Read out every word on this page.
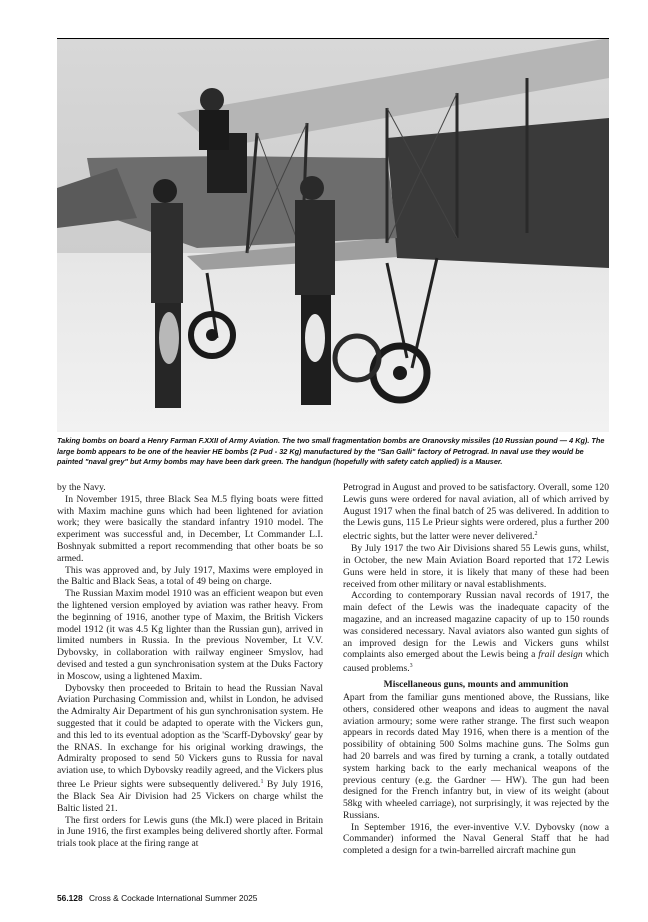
Taking bombs on board a Henry Farman F.XXII of Army Aviation. The two small fragmentation bombs are Oranovsky missiles (10 Russian pound — 4 Kg). The large bomb appears to be one of the heavier HE bombs (2 Pud - 32 Kg) manufactured by the "San Galli" factory of Petrograd. In naval use they would be painted "naval grey" but Army bombs may have been dark green. The handgun (hopefully with safety catch applied) is a Mauser.

by the Navy.

In November 1915, three Black Sea M.5 flying boats were fitted with Maxim machine guns which had been lightened for aviation work; they were basically the standard infantry 1910 model. The experiment was successful and, in December, Lt Commander L.I. Boshnyak submitted a report recommending that other boats be so armed.

This was approved and, by July 1917, Maxims were employed in the Baltic and Black Seas, a total of 49 being on charge.

The Russian Maxim model 1910 was an efficient weapon but even the lightened version employed by aviation was rather heavy. From the beginning of 1916, another type of Maxim, the British Vickers model 1912 (it was 4.5 Kg lighter than the Russian gun), arrived in limited numbers in Russia. In the previous November, Lt V.V. Dybovsky, in collaboration with railway engineer Smyslov, had devised and tested a gun synchronisation system at the Duks Factory in Moscow, using a lightened Maxim.

Dybovsky then proceeded to Britain to head the Russian Naval Aviation Purchasing Commission and, whilst in London, he advised the Admiralty Air Department of his gun synchronisation system. He suggested that it could be adapted to operate with the Vickers gun, and this led to its eventual adoption as the 'Scarff-Dybovsky' gear by the RNAS. In exchange for his original working drawings, the Admiralty proposed to send 50 Vickers guns to Russia for naval aviation use, to which Dybovsky readily agreed, and the Vickers plus three Le Prieur sights were subsequently delivered.$^1$ By July 1916, the Black Sea Air Division had 25 Vickers on charge whilst the Baltic listed 21.

The first orders for Lewis guns (the Mk.I) were placed in Britain in June 1916, the first examples being delivered shortly after. Formal trials took place at the firing range at

Petrograd in August and proved to be satisfactory. Overall, some 120 Lewis guns were ordered for naval aviation, all of which arrived by August 1917 when the final batch of 25 was delivered. In addition to the Lewis guns, 115 Le Prieur sights were ordered, plus a further 200 electric sights, but the latter were never delivered.$^2$

By July 1917 the two Air Divisions shared 55 Lewis guns, whilst, in October, the new Main Aviation Board reported that 172 Lewis Guns were held in store, it is likely that many of these had been received from other military or naval establishments.

According to contemporary Russian naval records of 1917, the main defect of the Lewis was the inadequate capacity of the magazine, and an increased magazine capacity of up to 150 rounds was considered necessary. Naval aviators also wanted gun sights of an improved design for the Lewis and Vickers guns whilst complaints also emerged about the Lewis being a frail design which caused problems.$^3$

Miscellaneous guns, mounts and ammunition

Apart from the familiar guns mentioned above, the Russians, like others, considered other weapons and ideas to augment the naval aviation armoury; some were rather strange. The first such weapon appears in records dated May 1916, when there is a mention of the possibility of obtaining 500 Solms machine guns. The Solms gun had 20 barrels and was fired by turning a crank, a totally outdated system harking back to the early mechanical weapons of the previous century (e.g. the Gardner — HW). The gun had been designed for the French infantry but, in view of its weight (about 58kg with wheeled carriage), not surprisingly, it was rejected by the Russians.

In September 1916, the ever-inventive V.V. Dybovsky (now a Commander) informed the Naval General Staff that he had completed a design for a twin-barrelled aircraft machine gun

56.128 Cross & Cockade International Summer 2025
